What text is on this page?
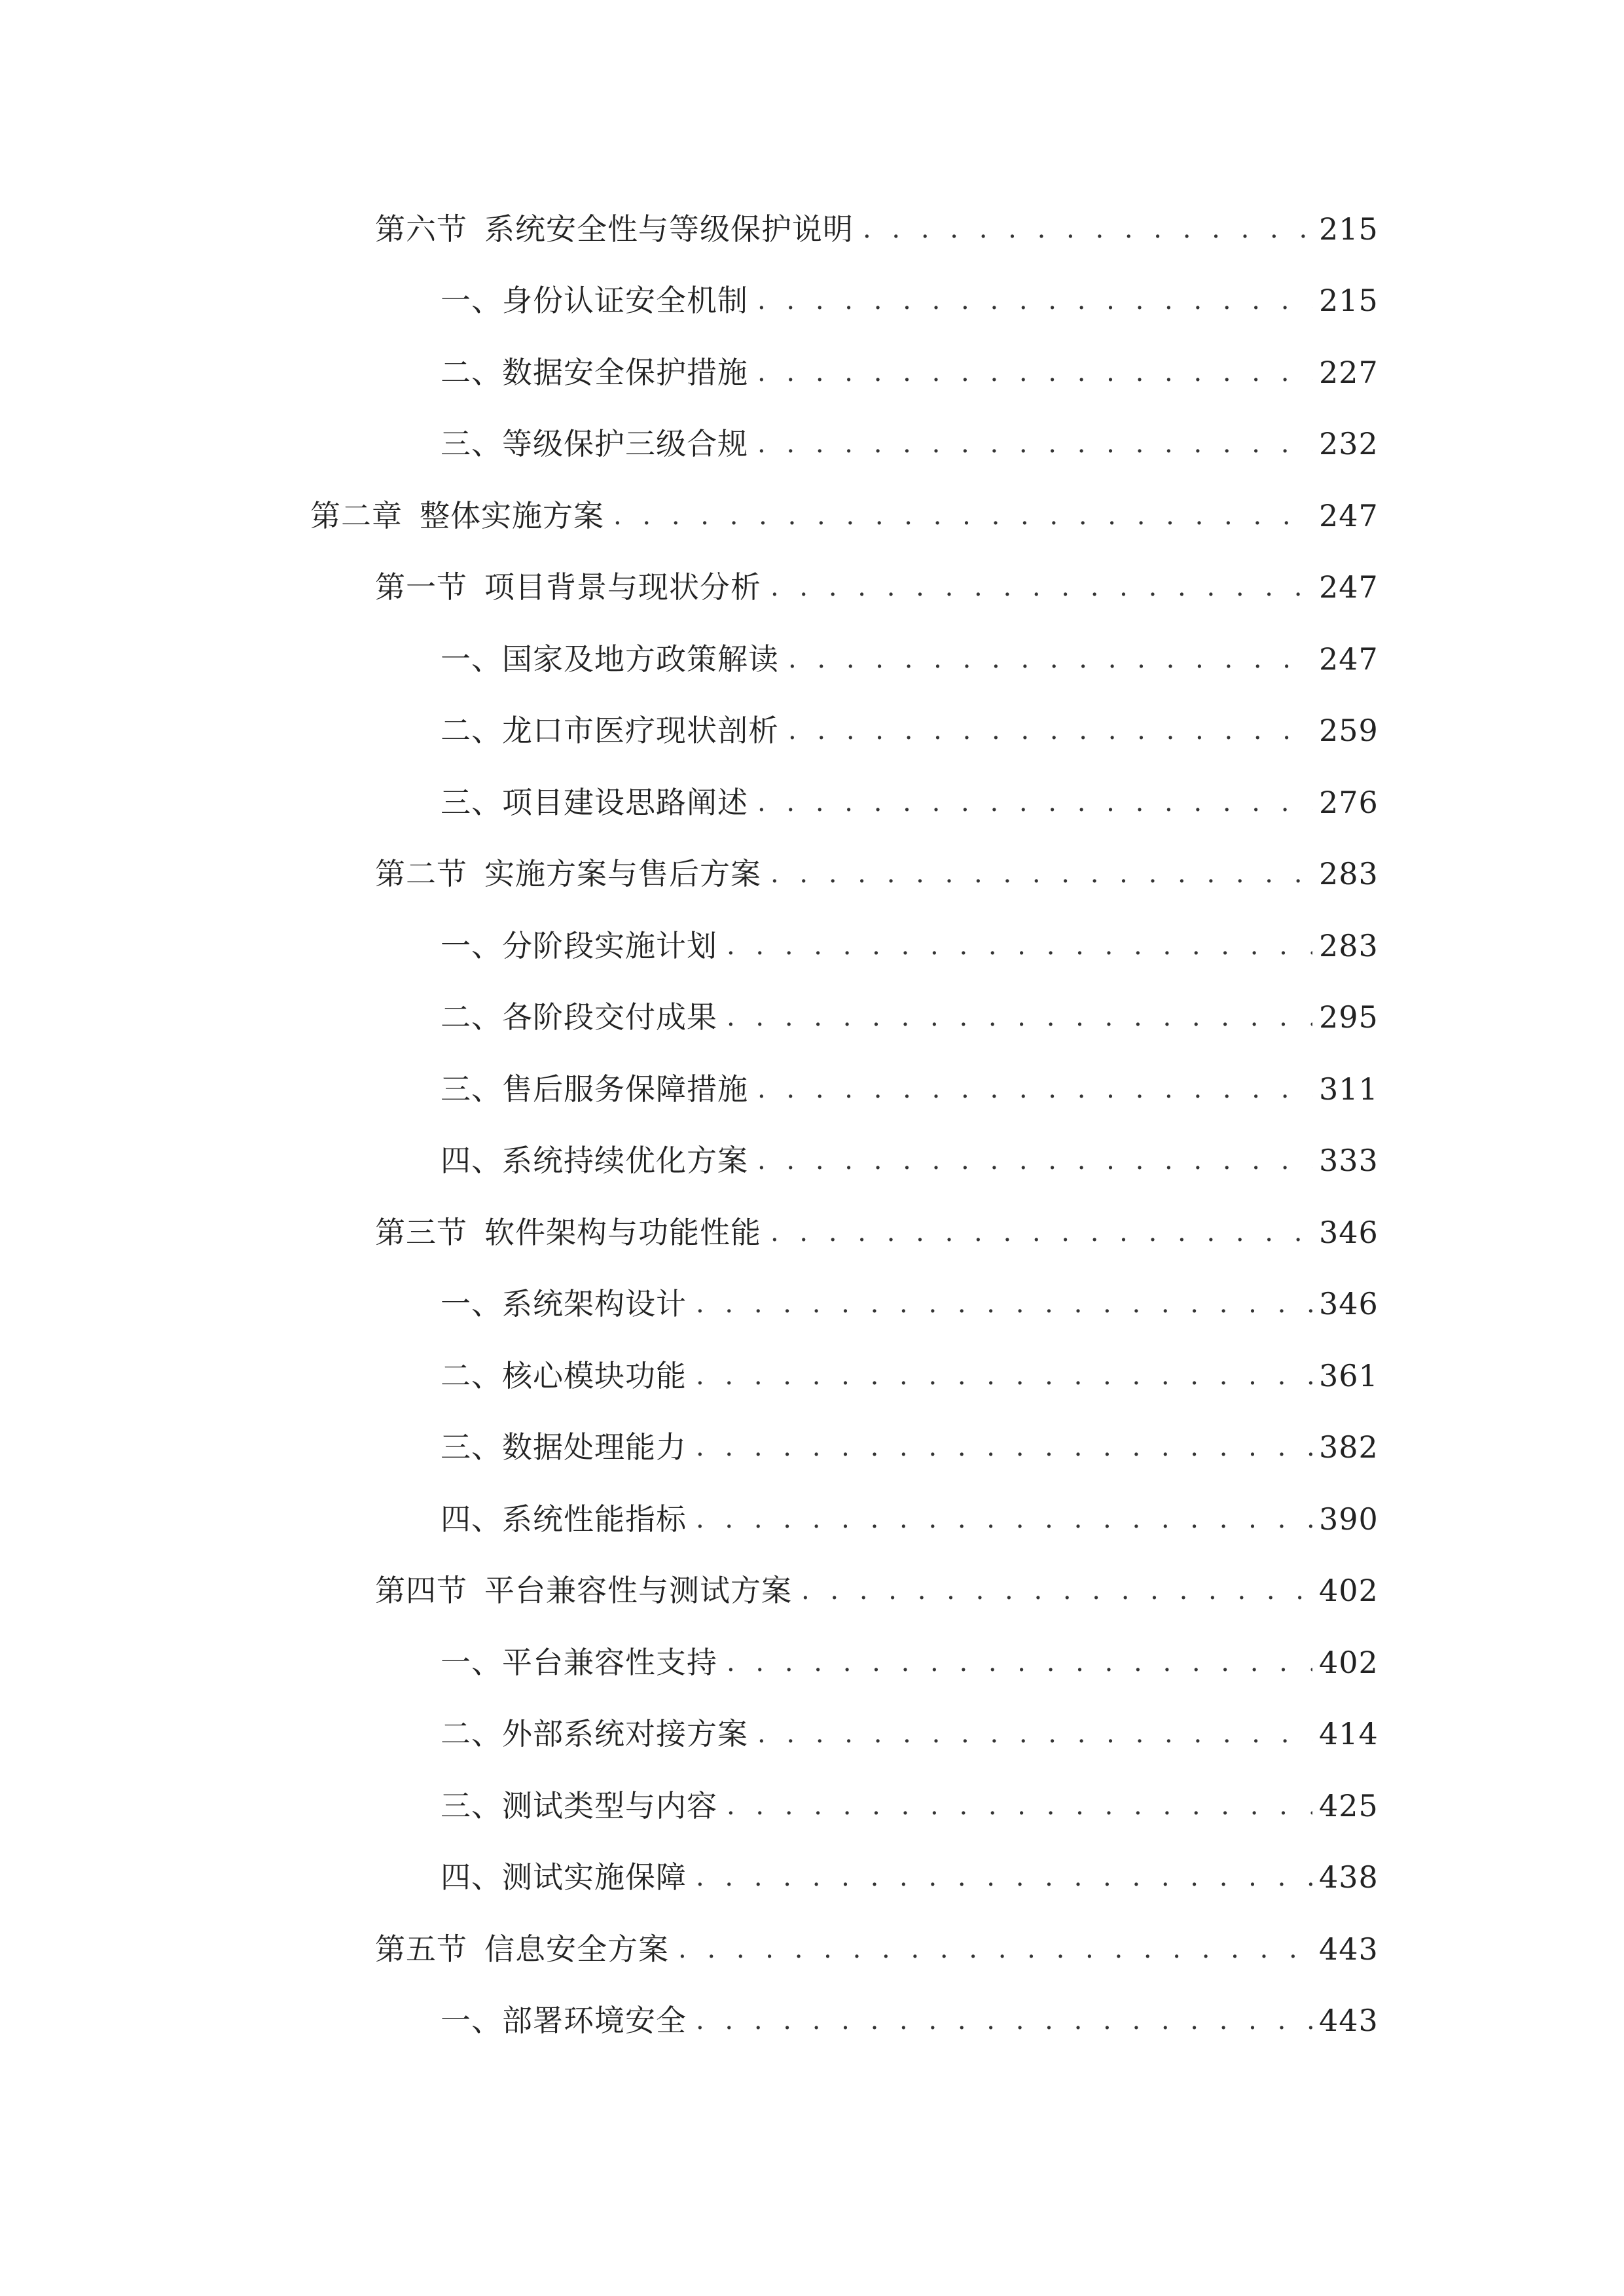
第六节 系统安全性与等级保护说明 . . .	215
一、 身份认证安全机制 . . .	215
二、 数据安全保护措施 . . .	227
三、 等级保护三级合规 . . .	232
第二章 整体实施方案 . . .	247
第一节 项目背景与现状分析 . . .	247
一、 国家及地方政策解读 . . .	247
二、 龙口市医疗现状剖析 . . .	259
三、 项目建设思路阐述 . . .	276
第二节 实施方案与售后方案 . . .	283
一、 分阶段实施计划 . . .	283
二、 各阶段交付成果 . . .	295
三、 售后服务保障措施 . . .	311
四、 系统持续优化方案 . . .	333
第三节 软件架构与功能性能 . . .	346
一、 系统架构设计 . . .	346
二、 核心模块功能 . . .	361
三、 数据处理能力 . . .	382
四、 系统性能指标 . . .	390
第四节 平台兼容性与测试方案 . . .	402
一、 平台兼容性支持 . . .	402
二、 外部系统对接方案 . . .	414
三、 测试类型与内容 . . .	425
四、 测试实施保障 . . .	438
第五节 信息安全方案 . . .	443
一、 部署环境安全 . . .	443
